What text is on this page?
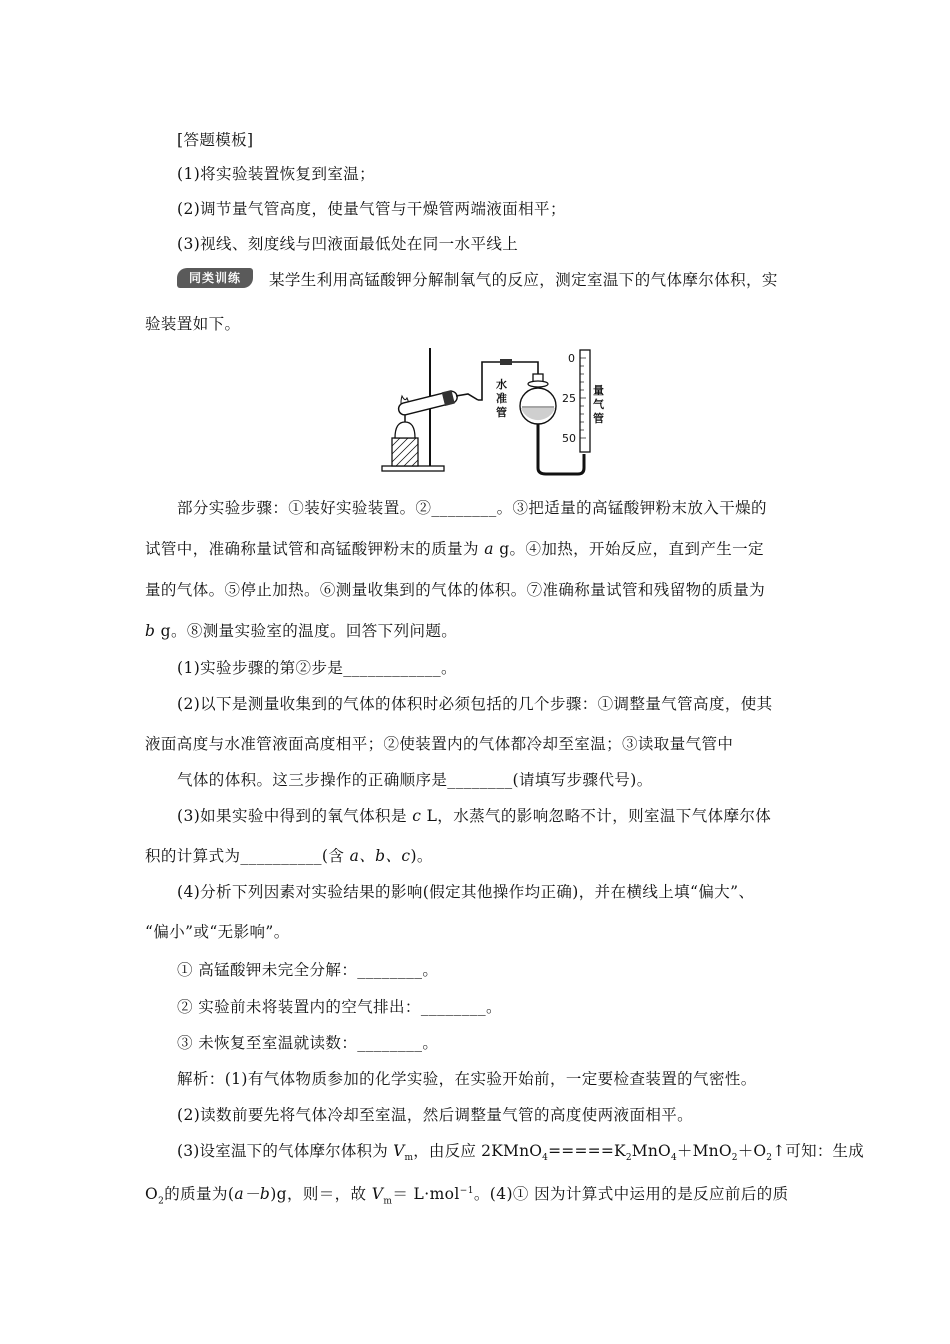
[答题模板]
(1)将实验装置恢复到室温；
(2)调节量气管高度，使量气管与干燥管两端液面相平；
(3)视线、刻度线与凹液面最低处在同一水平线上
同类训练	某学生利用高锰酸钾分解制氧气的反应，测定室温下的气体摩尔体积，实
验装置如下。
0
25
50
水
准
管
量
气
管
部分实验步骤：①装好实验装置。②________。③把适量的高锰酸钾粉末放入干燥的
试管中，准确称量试管和高锰酸钾粉末的质量为 a g。④加热，开始反应，直到产生一定
量的气体。⑤停止加热。⑥测量收集到的气体的体积。⑦准确称量试管和残留物的质量为
b g。⑧测量实验室的温度。回答下列问题。
(1)实验步骤的第②步是____________。
(2)以下是测量收集到的气体的体积时必须包括的几个步骤：①调整量气管高度，使其
液面高度与水准管液面高度相平；②使装置内的气体都冷却至室温；③读取量气管中
气体的体积。这三步操作的正确顺序是________(请填写步骤代号)。
(3)如果实验中得到的氧气体积是 c L，水蒸气的影响忽略不计，则室温下气体摩尔体
积的计算式为__________(含 a、b、c)。
(4)分析下列因素对实验结果的影响(假定其他操作均正确)，并在横线上填“偏大”、
“偏小”或“无影响”。
① 高锰酸钾未完全分解：________。
② 实验前未将装置内的空气排出：________。
③ 未恢复至室温就读数：________。
解析：(1)有气体物质参加的化学实验，在实验开始前，一定要检查装置的气密性。
(2)读数前要先将气体冷却至室温，然后调整量气管的高度使两液面相平。
(3)设室温下的气体摩尔体积为 $V_m$，由反应 $2KMnO_4=====K_2MnO_4+MnO_2+O_2↑$可知：生成
$O_2$的质量为(a－b)g，则＝，故 $V_m= L\cdot mol^{-1}$。(4)① 因为计算式中运用的是反应前后的质
